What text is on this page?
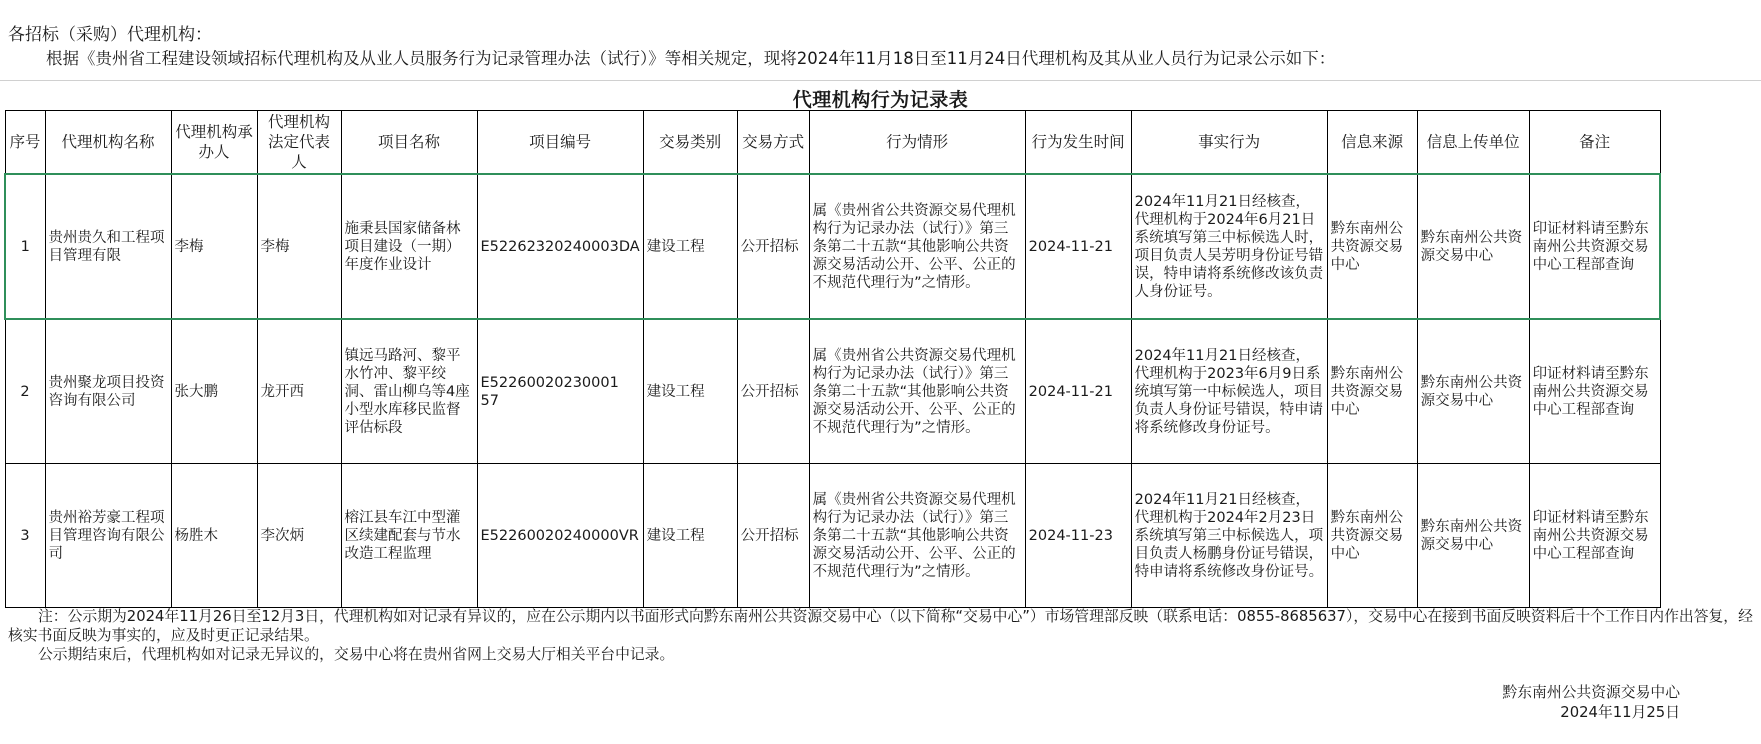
各招标（采购）代理机构：
根据《贵州省工程建设领域招标代理机构及从业人员服务行为记录管理办法（试行）》等相关规定，现将2024年11月18日至11月24日代理机构及其从业人员行为记录公示如下：
代理机构行为记录表
序号	代理机构名称	代理机构承办人	代理机构法定代表人	项目名称	项目编号	交易类别	交易方式	行为情形	行为发生时间	事实行为	信息来源	信息上传单位	备注
1	贵州贵久和工程项目管理有限	李梅	李梅	施秉县国家储备林项目建设（一期）年度作业设计	E52262320240003DA	建设工程	公开招标	属《贵州省公共资源交易代理机构行为记录办法（试行）》第三条第二十五款“其他影响公共资源交易活动公开、公平、公正的不规范代理行为”之情形。	2024-11-21	2024年11月21日经核查，代理机构于2024年6月21日系统填写第三中标候选人时，项目负责人吴芳明身份证号错误，特申请将系统修改该负责人身份证号。	黔东南州公共资源交易中心	黔东南州公共资源交易中心	印证材料请至黔东南州公共资源交易中心工程部查询
2	贵州聚龙项目投资咨询有限公司	张大鹏	龙开西	镇远马路河、黎平水竹冲、黎平绞洞、雷山柳乌等4座小型水库移民监督评估标段	E52260020230001 57	建设工程	公开招标	属《贵州省公共资源交易代理机构行为记录办法（试行）》第三条第二十五款“其他影响公共资源交易活动公开、公平、公正的不规范代理行为”之情形。	2024-11-21	2024年11月21日经核查，代理机构于2023年6月9日系统填写第一中标候选人，项目负责人身份证号错误，特申请将系统修改身份证号。	黔东南州公共资源交易中心	黔东南州公共资源交易中心	印证材料请至黔东南州公共资源交易中心工程部查询
3	贵州裕芳豪工程项目管理咨询有限公司	杨胜木	李次炳	榕江县车江中型灌区续建配套与节水改造工程监理	E52260020240000VR	建设工程	公开招标	属《贵州省公共资源交易代理机构行为记录办法（试行）》第三条第二十五款“其他影响公共资源交易活动公开、公平、公正的不规范代理行为”之情形。	2024-11-23	2024年11月21日经核查，代理机构于2024年2月23日系统填写第三中标候选人，项目负责人杨鹏身份证号错误，特申请将系统修改身份证号。	黔东南州公共资源交易中心	黔东南州公共资源交易中心	印证材料请至黔东南州公共资源交易中心工程部查询

注：公示期为2024年11月26日至12月3日，代理机构如对记录有异议的，应在公示期内以书面形式向黔东南州公共资源交易中心（以下简称“交易中心”）市场管理部反映（联系电话：0855-8685637），交易中心在接到书面反映资料后十个工作日内作出答复，经核实书面反映为事实的，应及时更正记录结果。

公示期结束后，代理机构如对记录无异议的，交易中心将在贵州省网上交易大厅相关平台中记录。

黔东南州公共资源交易中心
2024年11月25日
